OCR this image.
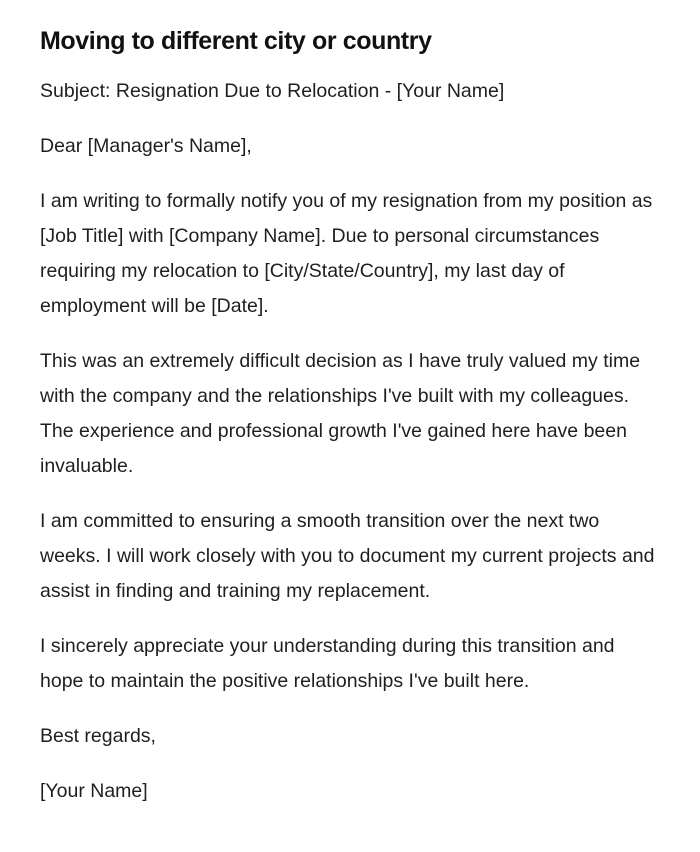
Moving to different city or country

Subject: Resignation Due to Relocation - [Your Name]

Dear [Manager's Name],

I am writing to formally notify you of my resignation from my position as [Job Title] with [Company Name]. Due to personal circumstances requiring my relocation to [City/State/Country], my last day of employment will be [Date].

This was an extremely difficult decision as I have truly valued my time with the company and the relationships I've built with my colleagues. The experience and professional growth I've gained here have been invaluable.

I am committed to ensuring a smooth transition over the next two weeks. I will work closely with you to document my current projects and assist in finding and training my replacement.

I sincerely appreciate your understanding during this transition and hope to maintain the positive relationships I've built here.

Best regards,

[Your Name]
